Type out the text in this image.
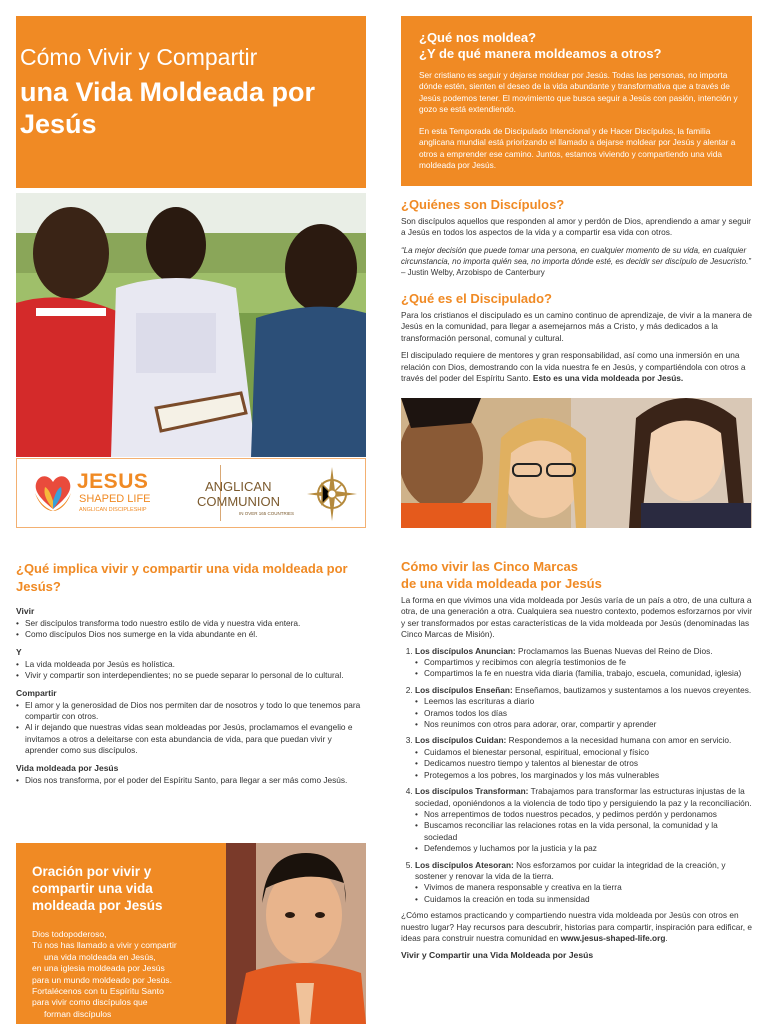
Cómo Vivir y Compartir
una Vida Moldeada por Jesús
JESUS
SHAPED LIFE
ANGLICAN DISCIPLESHIP
ANGLICAN
COMMUNION
IN OVER 165 COUNTRIES
¿Qué nos moldea?
¿Y de qué manera moldeamos a otros?

Ser cristiano es seguir y dejarse moldear por Jesús. Todas las personas, no importa dónde estén, sienten el deseo de la vida abundante y transformativa que a través de Jesús podemos tener. El movimiento que busca seguir a Jesús con pasión, intención y gozo se está extendiendo.

En esta Temporada de Discipulado Intencional y de Hacer Discípulos, la familia anglicana mundial está priorizando el llamado a dejarse moldear por Jesús y alentar a otros a emprender ese camino. Juntos, estamos viviendo y compartiendo una vida moldeada por Jesús.

¿Quiénes son Discípulos?

Son discípulos aquellos que responden al amor y perdón de Dios, aprendiendo a amar y seguir a Jesús en todos los aspectos de la vida y a compartir esa vida con otros.

“La mejor decisión que puede tomar una persona, en cualquier momento de su vida, en cualquier circunstancia, no importa quién sea, no importa dónde esté, es decidir ser discípulo de Jesucristo.” – Justin Welby, Arzobispo de Canterbury

¿Qué es el Discipulado?

Para los cristianos el discipulado es un camino continuo de aprendizaje, de vivir a la manera de Jesús en la comunidad, para llegar a asemejarnos más a Cristo, y más dedicados a la transformación personal, comunal y cultural.

El discipulado requiere de mentores y gran responsabilidad, así como una inmersión en una relación con Dios, demostrando con la vida nuestra fe en Jesús, y compartiéndola con otros a través del poder del Espíritu Santo. Esto es una vida moldeada por Jesús.

¿Qué implica vivir y compartir una vida moldeada por Jesús?
Vivir
• Ser discípulos transforma todo nuestro estilo de vida y nuestra vida entera.
• Como discípulos Dios nos sumerge en la vida abundante en él.
Y
• La vida moldeada por Jesús es holística.
• Vivir y compartir son interdependientes; no se puede separar lo personal de lo cultural.
Compartir
• El amor y la generosidad de Dios nos permiten dar de nosotros y todo lo que tenemos para compartir con otros.
• Al ir dejando que nuestras vidas sean moldeadas por Jesús, proclamamos el evangelio e invitamos a otros a deleitarse con esta abundancia de vida, para que puedan vivir y aprender como sus discípulos.
Vida moldeada por Jesús
• Dios nos transforma, por el poder del Espíritu Santo, para llegar a ser más como Jesús.
Oración por vivir y compartir una vida moldeada por Jesús
Dios todopoderoso,
Tú nos has llamado a vivir y compartir
una vida moldeada en Jesús,
en una iglesia moldeada por Jesús
para un mundo moldeado por Jesús.
Fortalécenos con tu Espíritu Santo
para vivir como discípulos que
forman discípulos
Cómo vivir las Cinco Marcas
de una vida moldeada por Jesús

La forma en que vivimos una vida moldeada por Jesús varía de un país a otro, de una cultura a otra, de una generación a otra. Cualquiera sea nuestro contexto, podemos esforzarnos por vivir y ser transformados por estas características de la vida moldeada por Jesús (denominadas las Cinco Marcas de Misión).

1. Los discípulos Anuncian: Proclamamos las Buenas Nuevas del Reino de Dios.
• Compartimos y recibimos con alegría testimonios de fe
• Compartimos la fe en nuestra vida diaria (familia, trabajo, escuela, comunidad, iglesia)
2. Los discípulos Enseñan: Enseñamos, bautizamos y sustentamos a los nuevos creyentes.
• Leemos las escrituras a diario
• Oramos todos los días
• Nos reunimos con otros para adorar, orar, compartir y aprender
3. Los discípulos Cuidan: Respondemos a la necesidad humana con amor en servicio.
• Cuidamos el bienestar personal, espiritual, emocional y físico
• Dedicamos nuestro tiempo y talentos al bienestar de otros
• Protegemos a los pobres, los marginados y los más vulnerables
4. Los discípulos Transforman: Trabajamos para transformar las estructuras injustas de la sociedad, oponiéndonos a la violencia de todo tipo y persiguiendo la paz y la reconciliación.
• Nos arrepentimos de todos nuestros pecados, y pedimos perdón y perdonamos
• Buscamos reconciliar las relaciones rotas en la vida personal, la comunidad y la sociedad
• Defendemos y luchamos por la justicia y la paz
5. Los discípulos Atesoran: Nos esforzamos por cuidar la integridad de la creación, y sostener y renovar la vida de la tierra.
• Vivimos de manera responsable y creativa en la tierra
• Cuidamos la creación en toda su inmensidad

¿Cómo estamos practicando y compartiendo nuestra vida moldeada por Jesús con otros en nuestro lugar? Hay recursos para descubrir, historias para compartir, inspiración para edificar, e ideas para construir nuestra comunidad en www.jesus-shaped-life.org.

Vivir y Compartir una Vida Moldeada por Jesús
